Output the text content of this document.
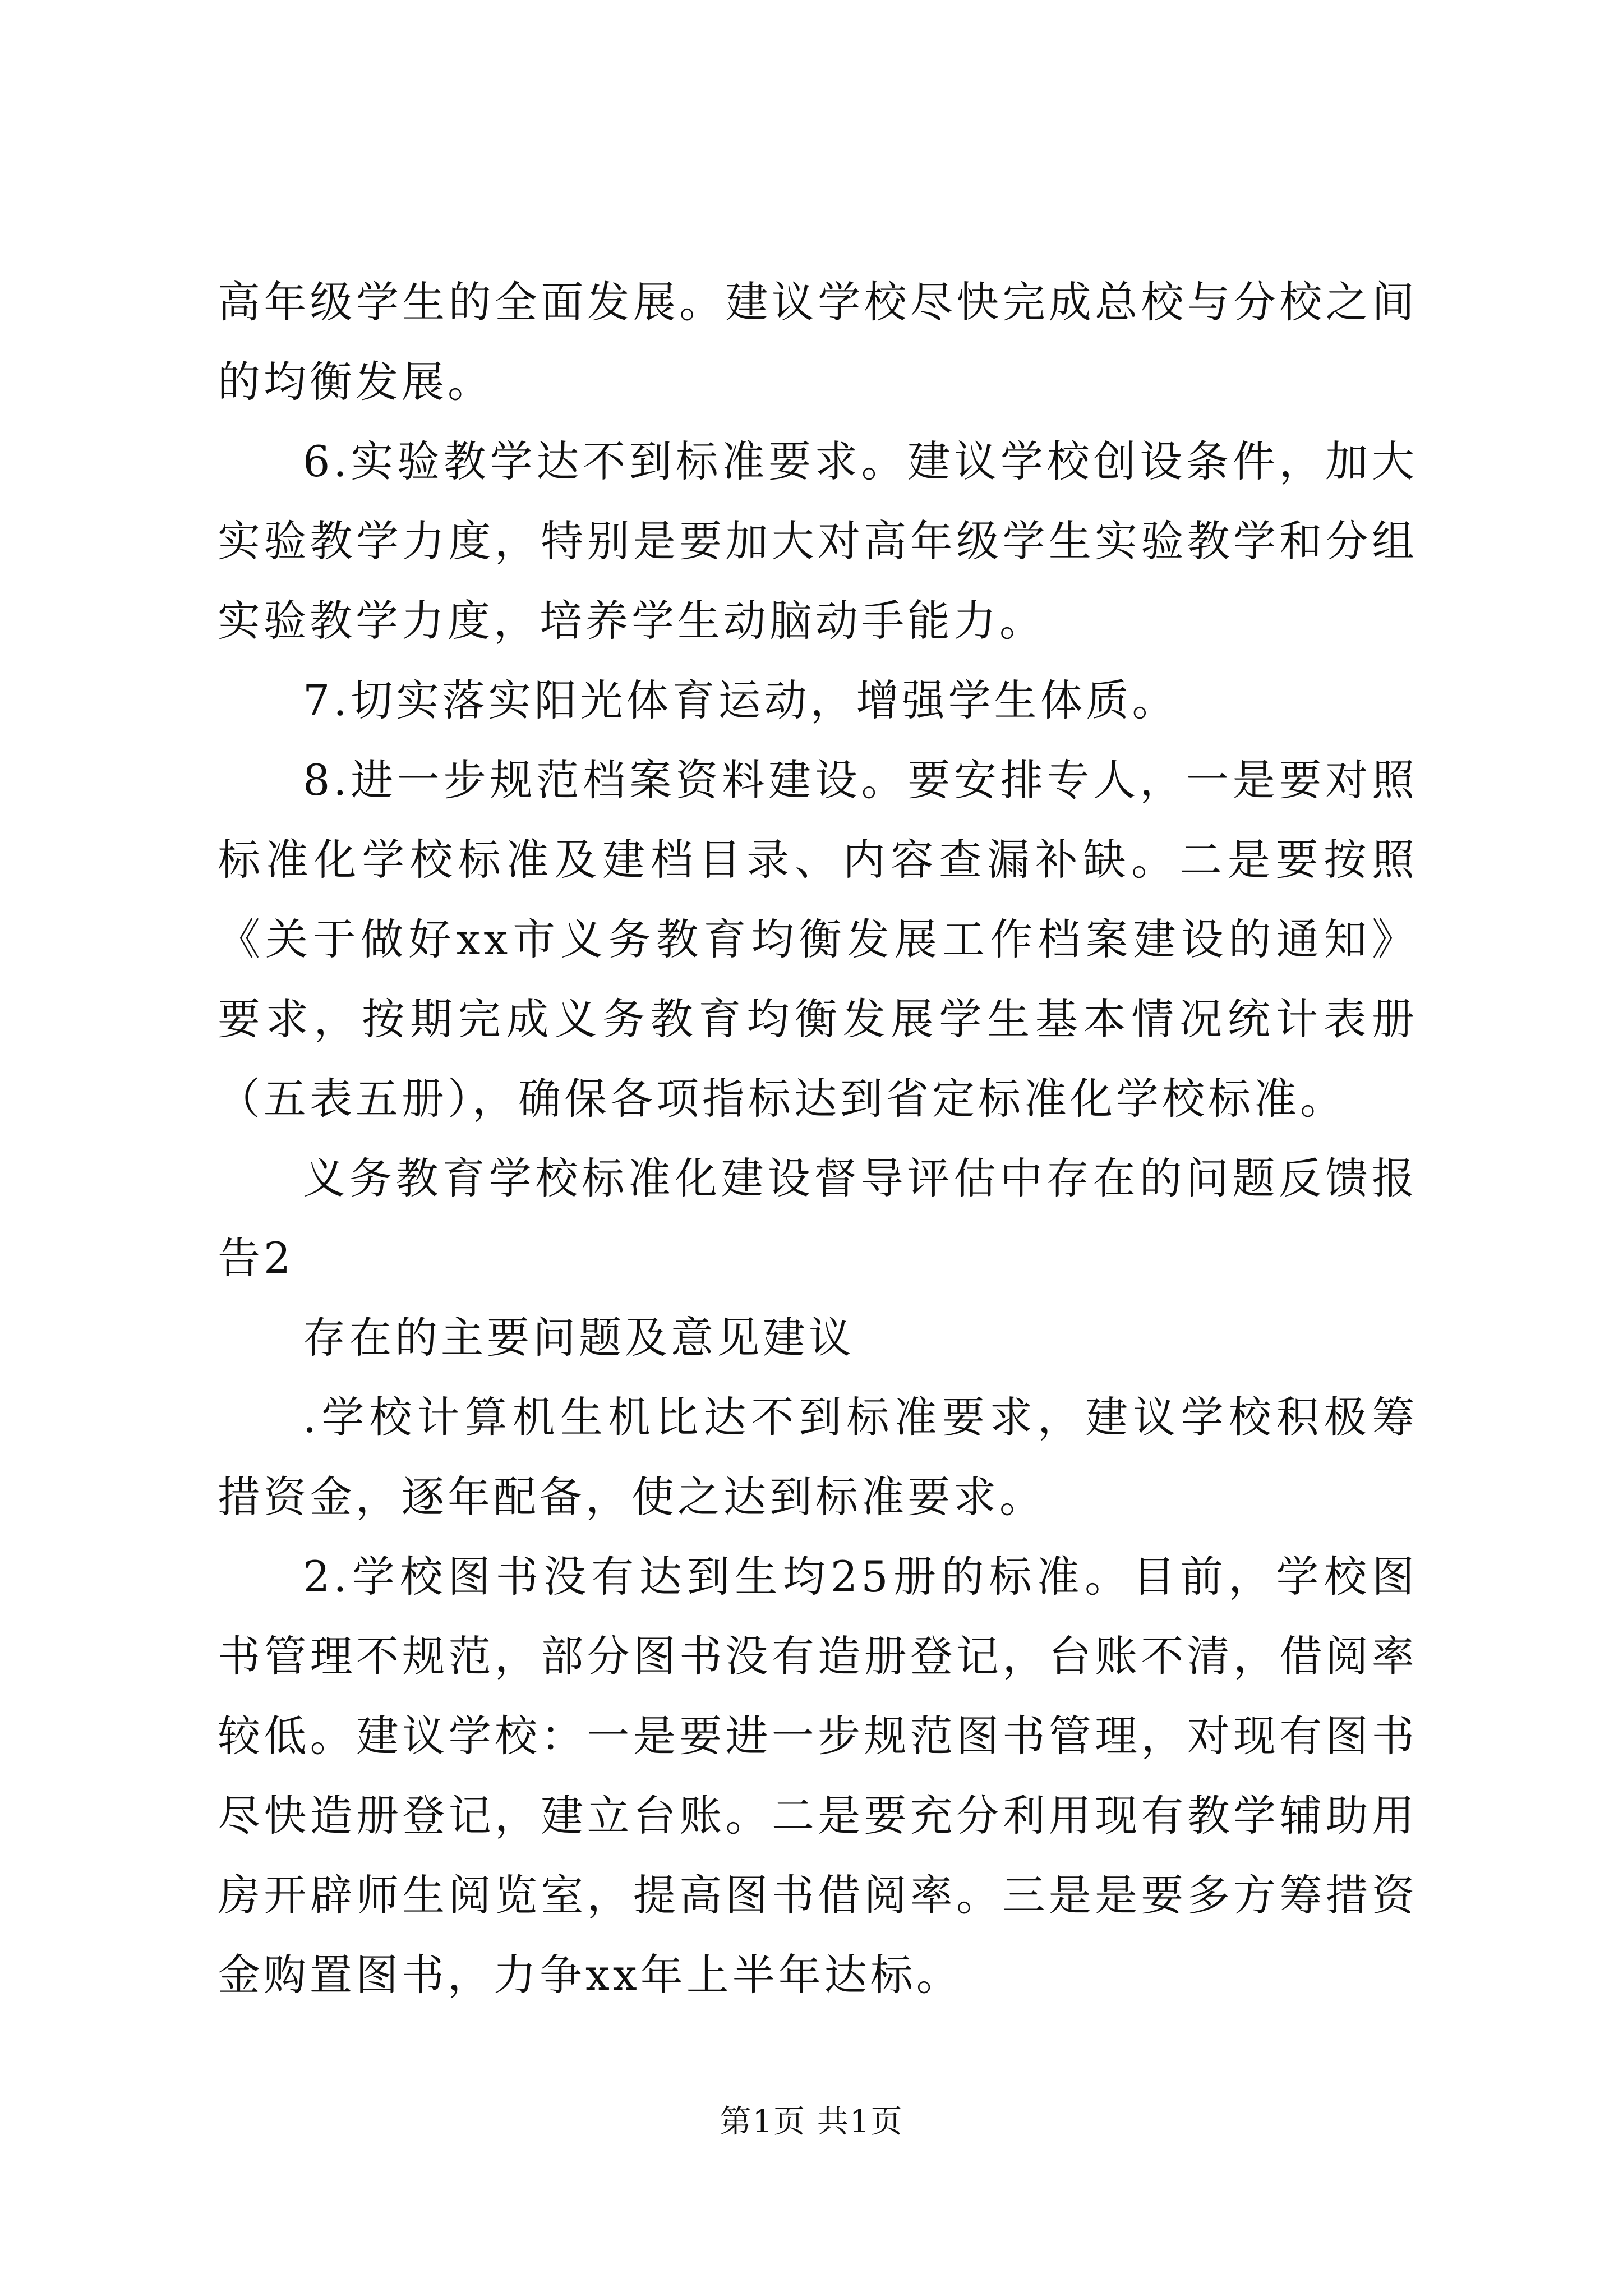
高年级学生的全面发展。建议学校尽快完成总校与分校之间的均衡发展。

6.实验教学达不到标准要求。建议学校创设条件，加大实验教学力度，特别是要加大对高年级学生实验教学和分组实验教学力度，培养学生动脑动手能力。

7.切实落实阳光体育运动，增强学生体质。

8.进一步规范档案资料建设。要安排专人，一是要对照标准化学校标准及建档目录、内容查漏补缺。二是要按照《关于做好xx市义务教育均衡发展工作档案建设的通知》要求，按期完成义务教育均衡发展学生基本情况统计表册（五表五册），确保各项指标达到省定标准化学校标准。

义务教育学校标准化建设督导评估中存在的问题反馈报告2

存在的主要问题及意见建议

.学校计算机生机比达不到标准要求，建议学校积极筹措资金，逐年配备，使之达到标准要求。

2.学校图书没有达到生均25册的标准。目前，学校图书管理不规范，部分图书没有造册登记，台账不清，借阅率较低。建议学校：一是要进一步规范图书管理，对现有图书尽快造册登记，建立台账。二是要充分利用现有教学辅助用房开辟师生阅览室，提高图书借阅率。三是是要多方筹措资金购置图书，力争xx年上半年达标。

第1页 共1页
